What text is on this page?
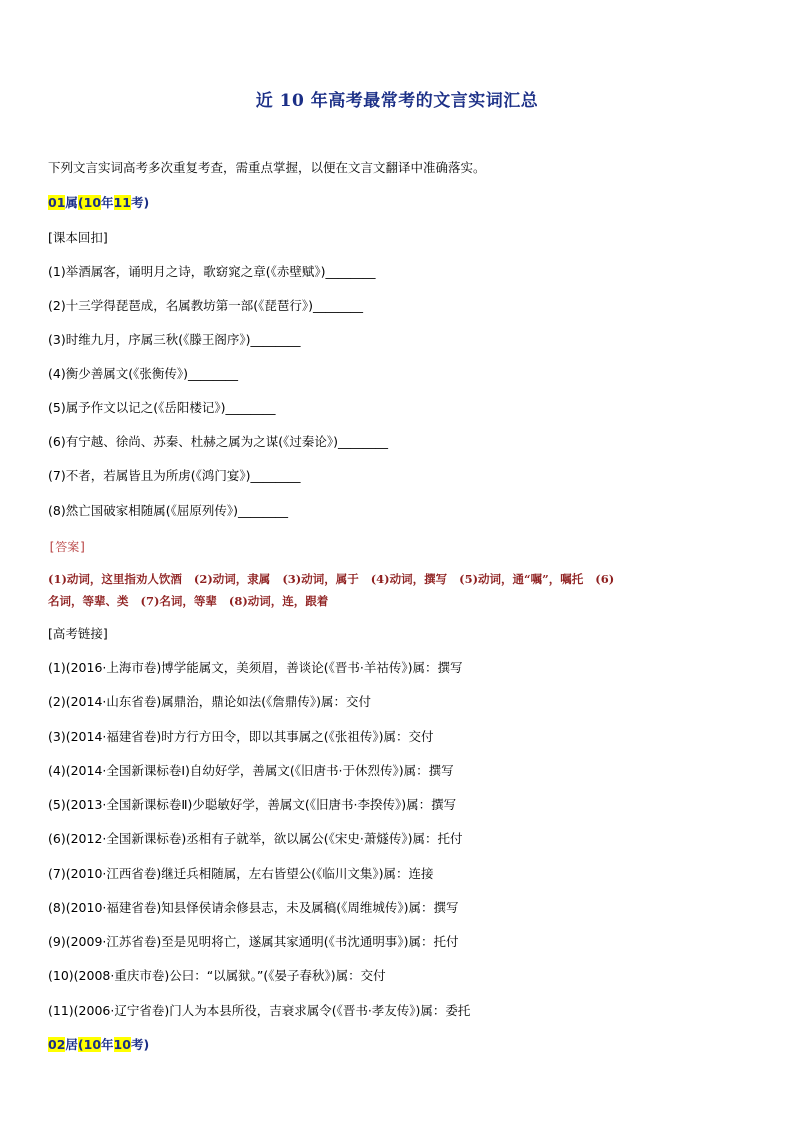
近 10 年高考最常考的文言实词汇总
下列文言实词高考多次重复考查，需重点掌握，以便在文言文翻译中准确落实。
01属(10年11考)
[课本回扣]
(1)举酒属客，诵明月之诗，歌窈窕之章(《赤壁赋》)________
(2)十三学得琵琶成，名属教坊第一部(《琵琶行》)________
(3)时维九月，序属三秋(《滕王阁序》)________
(4)衡少善属文(《张衡传》)________
(5)属予作文以记之(《岳阳楼记》)________
(6)有宁越、徐尚、苏秦、杜赫之属为之谋(《过秦论》)________
(7)不者，若属皆且为所虏(《鸿门宴》)________
(8)然亡国破家相随属(《屈原列传》)________
[答案]
(1)动词，这里指劝人饮酒 (2)动词，隶属 (3)动词，属于 (4)动词，撰写 (5)动词，通“嘱”，嘱托 (6)
名词，等辈、类 (7)名词，等辈 (8)动词，连，跟着
[高考链接]
(1)(2016·上海市卷)博学能属文，美须眉，善谈论(《晋书·羊祜传》)属：撰写
(2)(2014·山东省卷)属鼎治，鼎论如法(《詹鼎传》)属：交付
(3)(2014·福建省卷)时方行方田令，即以其事属之(《张祖传》)属：交付
(4)(2014·全国新课标卷Ⅰ)自幼好学，善属文(《旧唐书·于休烈传》)属：撰写
(5)(2013·全国新课标卷Ⅱ)少聪敏好学，善属文(《旧唐书·李揆传》)属：撰写
(6)(2012·全国新课标卷)丞相有子就举，欲以属公(《宋史·萧燧传》)属：托付
(7)(2010·江西省卷)继迁兵相随属，左右皆望公(《临川文集》)属：连接
(8)(2010·福建省卷)知县怿侯请余修县志，未及属稿(《周维城传》)属：撰写
(9)(2009·江苏省卷)至是见明将亡，遂属其家通明(《书沈通明事》)属：托付
(10)(2008·重庆市卷)公曰：“以属狱。”(《晏子春秋》)属：交付
(11)(2006·辽宁省卷)门人为本县所役，吉衰求属令(《晋书·孝友传》)属：委托
02居(10年10考)
